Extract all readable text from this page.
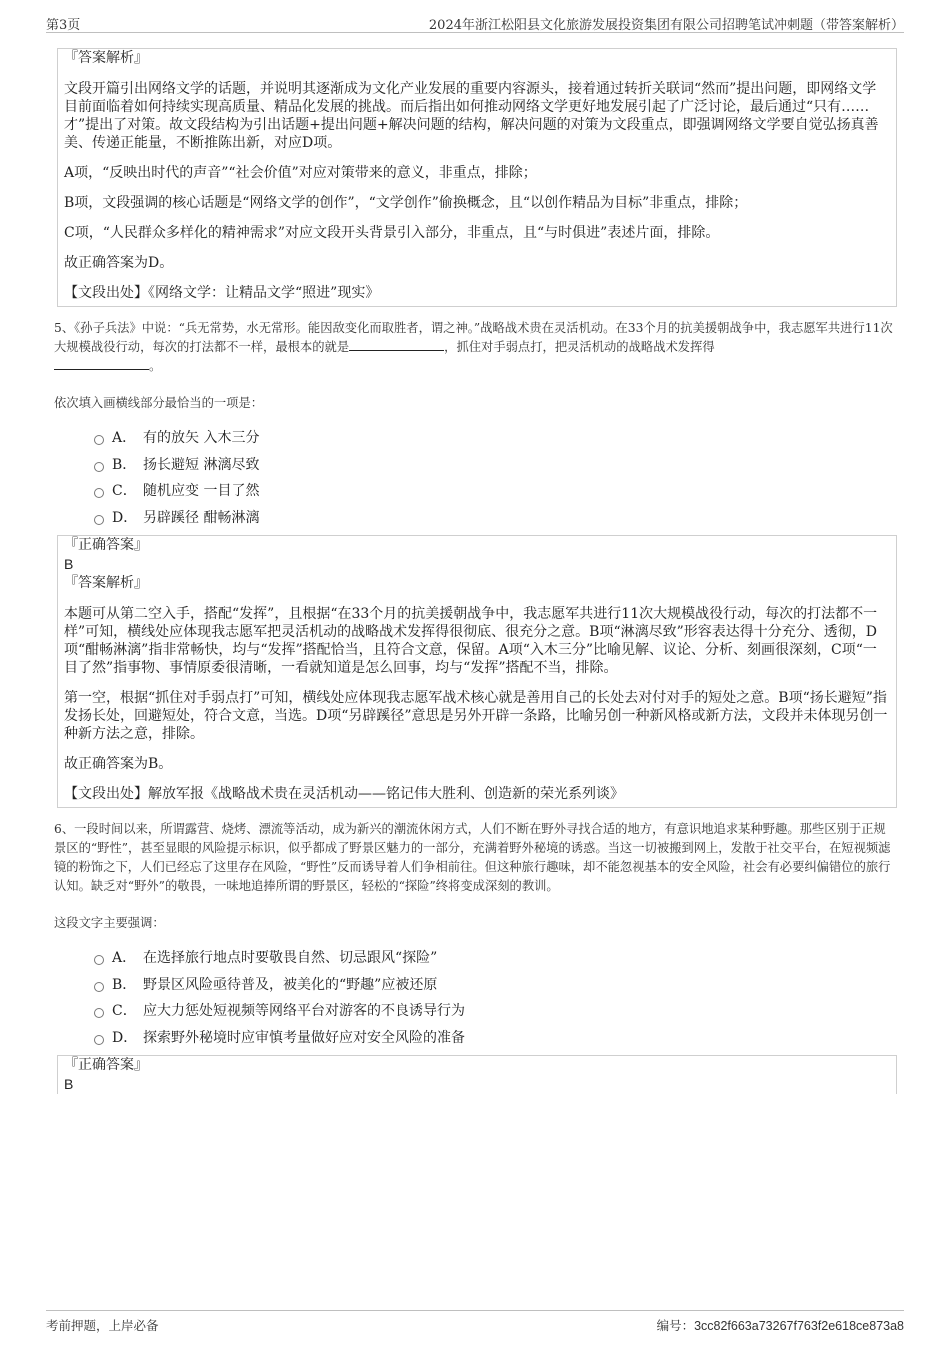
第3页	2024年浙江松阳县文化旅游发展投资集团有限公司招聘笔试冲刺题（带答案解析）

『答案解析』

文段开篇引出网络文学的话题，并说明其逐渐成为文化产业发展的重要内容源头，接着通过转折关联词“然而”提出问题，即网络文学目前面临着如何持续实现高质量、精品化发展的挑战。而后指出如何推动网络文学更好地发展引起了广泛讨论，最后通过“只有……才”提出了对策。故文段结构为引出话题+提出问题+解决问题的结构，解决问题的对策为文段重点，即强调网络文学要自觉弘扬真善美、传递正能量，不断推陈出新，对应D项。

A项，“反映出时代的声音”“社会价值”对应对策带来的意义，非重点，排除；

B项，文段强调的核心话题是“网络文学的创作”，“文学创作”偷换概念，且“以创作精品为目标”非重点，排除；

C项，“人民群众多样化的精神需求”对应文段开头背景引入部分，非重点，且“与时俱进”表述片面，排除。

故正确答案为D。

【文段出处】《网络文学：让精品文学“照进”现实》

5、《孙子兵法》中说：“兵无常势，水无常形。能因敌变化而取胜者，谓之神。”战略战术贵在灵活机动。在33个月的抗美援朝战争中，我志愿军共进行11次大规模战役行动，每次的打法都不一样，最根本的就是	，抓住对手弱点打，把灵活机动的战略战术发挥得
。

依次填入画横线部分最恰当的一项是：

A． 有的放矢 入木三分
B． 扬长避短 淋漓尽致
C． 随机应变 一目了然
D． 另辟蹊径 酣畅淋漓

『正确答案』

B

『答案解析』

本题可从第二空入手，搭配“发挥”，且根据“在33个月的抗美援朝战争中，我志愿军共进行11次大规模战役行动，每次的打法都不一样”可知，横线处应体现我志愿军把灵活机动的战略战术发挥得很彻底、很充分之意。B项“淋漓尽致”形容表达得十分充分、透彻，D项“酣畅淋漓”指非常畅快，均与“发挥”搭配恰当，且符合文意，保留。A项“入木三分”比喻见解、议论、分析、刻画很深刻，C项“一目了然”指事物、事情原委很清晰，一看就知道是怎么回事，均与“发挥”搭配不当，排除。

第一空，根据“抓住对手弱点打”可知，横线处应体现我志愿军战术核心就是善用自己的长处去对付对手的短处之意。B项“扬长避短”指发扬长处，回避短处，符合文意，当选。D项“另辟蹊径”意思是另外开辟一条路，比喻另创一种新风格或新方法，文段并未体现另创一种新方法之意，排除。

故正确答案为B。

【文段出处】解放军报《战略战术贵在灵活机动——铭记伟大胜利、创造新的荣光系列谈》

6、一段时间以来，所谓露营、烧烤、漂流等活动，成为新兴的潮流休闲方式，人们不断在野外寻找合适的地方，有意识地追求某种野趣。那些区别于正规景区的“野性”，甚至显眼的风险提示标识，似乎都成了野景区魅力的一部分，充满着野外秘境的诱惑。当这一切被搬到网上，发散于社交平台，在短视频滤镜的粉饰之下，人们已经忘了这里存在风险，“野性”反而诱导着人们争相前往。但这种旅行趣味，却不能忽视基本的安全风险，社会有必要纠偏错位的旅行认知。缺乏对“野外”的敬畏，一味地追捧所谓的野景区，轻松的“探险”终将变成深刻的教训。

这段文字主要强调：

A． 在选择旅行地点时要敬畏自然、切忌跟风“探险”
B． 野景区风险亟待普及，被美化的“野趣”应被还原
C． 应大力惩处短视频等网络平台对游客的不良诱导行为
D． 探索野外秘境时应审慎考量做好应对安全风险的准备

『正确答案』

B

考前押题，上岸必备	编号：3cc82f663a73267f763f2e618ce873a8
